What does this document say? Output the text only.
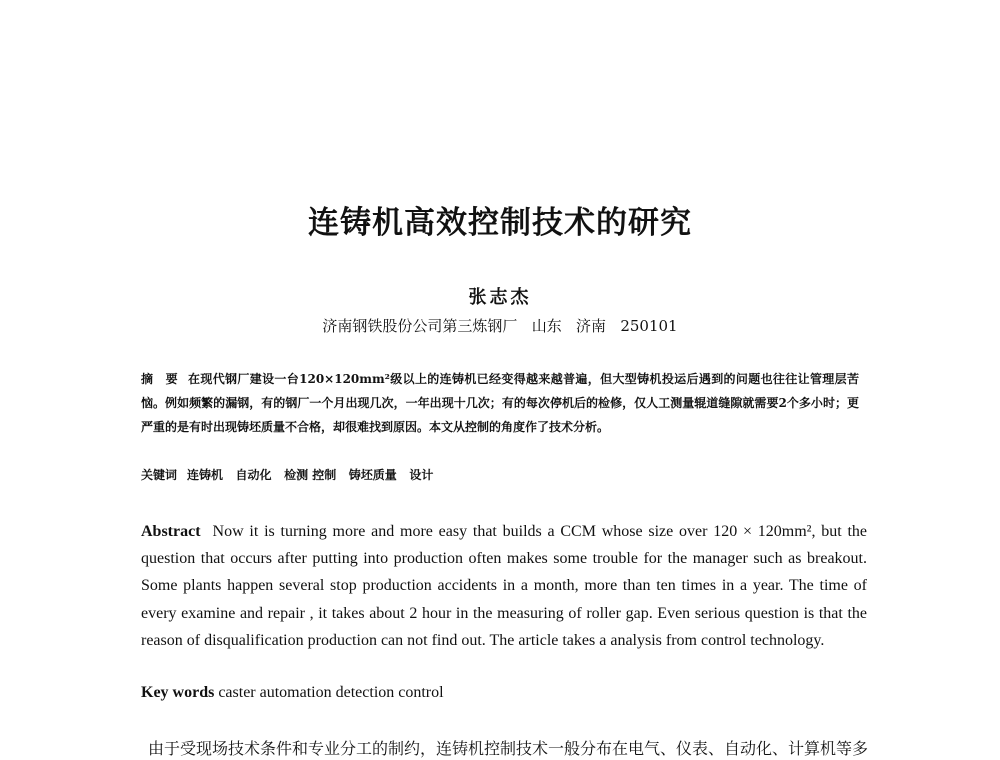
连铸机高效控制技术的研究
张志杰
济南钢铁股份公司第三炼钢厂   山东   济南   250101
摘　要 在现代钢厂建设一台120×120mm²级以上的连铸机已经变得越来越普遍，但大型铸机投运后遇到的问题也往往让管理层苦恼。例如频繁的漏钢，有的钢厂一个月出现几次，一年出现十几次；有的每次停机后的检修，仅人工测量辊道缝隙就需要2个多小时；更严重的是有时出现铸坯质量不合格，却很难找到原因。本文从控制的角度作了技术分析。
关键词 连铸机   自动化   检测 控制   铸坯质量   设计
Abstract Now it is turning more and more easy that builds a CCM whose size over 120 × 120mm², but the question that occurs after putting into production often makes some trouble for the manager such as breakout. Some plants happen several stop production accidents in a month, more than ten times in a year. The time of every examine and repair , it takes about 2 hour in the measuring of roller gap. Even serious question is that the reason of disqualification production can not find out. The article takes a analysis from control technology.
Key words caster automation detection control
由于受现场技术条件和专业分工的制约，连铸机控制技术一般分布在电气、仪表、自动化、计算机等多
